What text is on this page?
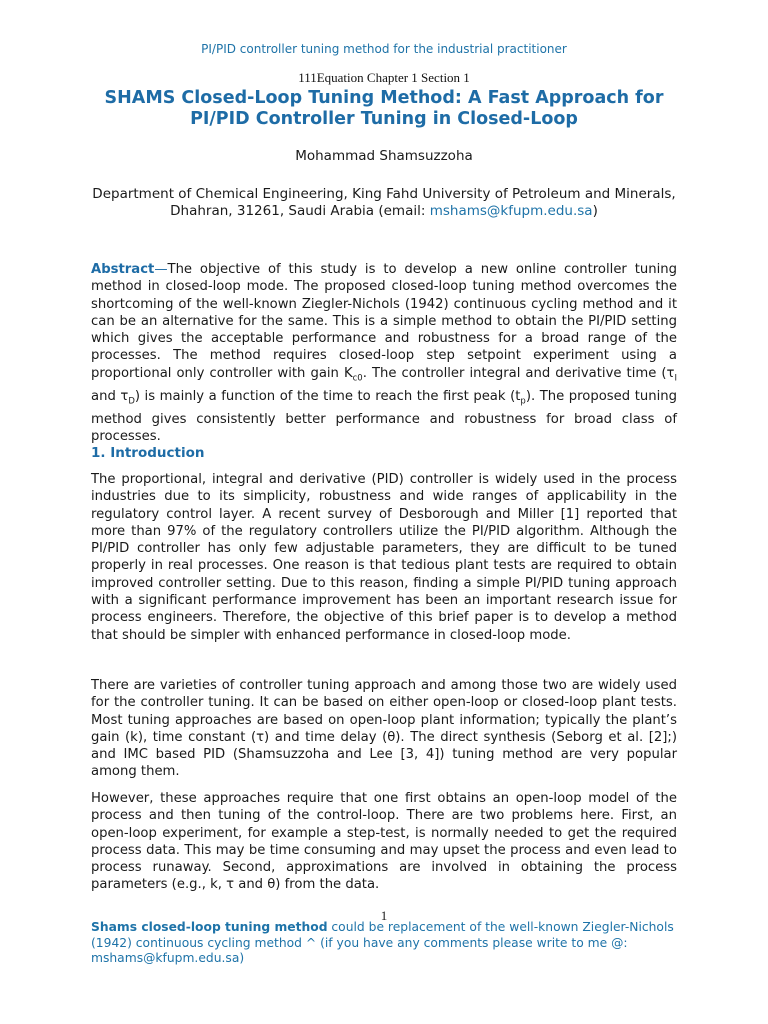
PI/PID controller tuning method for the industrial practitioner
111Equation Chapter 1 Section 1
SHAMS Closed-Loop Tuning Method: A Fast Approach for PI/PID Controller Tuning in Closed-Loop
Mohammad Shamsuzzoha
Department of Chemical Engineering, King Fahd University of Petroleum and Minerals,
Dhahran, 31261, Saudi Arabia (email: mshams@kfupm.edu.sa)

Abstract—The objective of this study is to develop a new online controller tuning method in closed-loop mode. The proposed closed-loop tuning method overcomes the shortcoming of the well-known Ziegler-Nichols (1942) continuous cycling method and it can be an alternative for the same. This is a simple method to obtain the PI/PID setting which gives the acceptable performance and robustness for a broad range of the processes. The method requires closed-loop step setpoint experiment using a proportional only controller with gain $K_{c0}$. The controller integral and derivative time ($\tau_I$ and $\tau_D$) is mainly a function of the time to reach the first peak $(t_p)$. The proposed tuning method gives consistently better performance and robustness for broad class of processes.

1. Introduction

The proportional, integral and derivative (PID) controller is widely used in the process industries due to its simplicity, robustness and wide ranges of applicability in the regulatory control layer. A recent survey of Desborough and Miller [1] reported that more than 97% of the regulatory controllers utilize the PI/PID algorithm. Although the PI/PID controller has only few adjustable parameters, they are difficult to be tuned properly in real processes. One reason is that tedious plant tests are required to obtain improved controller setting. Due to this reason, finding a simple PI/PID tuning approach with a significant performance improvement has been an important research issue for process engineers. Therefore, the objective of this brief paper is to develop a method that should be simpler with enhanced performance in closed-loop mode.

There are varieties of controller tuning approach and among those two are widely used for the controller tuning. It can be based on either open-loop or closed-loop plant tests. Most tuning approaches are based on open-loop plant information; typically the plant’s gain (k), time constant (τ) and time delay (θ). The direct synthesis (Seborg et al. [2];) and IMC based PID (Shamsuzzoha and Lee [3, 4]) tuning method are very popular among them.

However, these approaches require that one first obtains an open-loop model of the process and then tuning of the control-loop. There are two problems here. First, an open-loop experiment, for example a step-test, is normally needed to get the required process data. This may be time consuming and may upset the process and even lead to process runaway. Second, approximations are involved in obtaining the process parameters (e.g., k, τ and θ) from the data.

1
Shams closed-loop tuning method could be replacement of the well-known Ziegler-Nichols (1942) continuous cycling method ^ (if you have any comments please write to me @: mshams@kfupm.edu.sa)
